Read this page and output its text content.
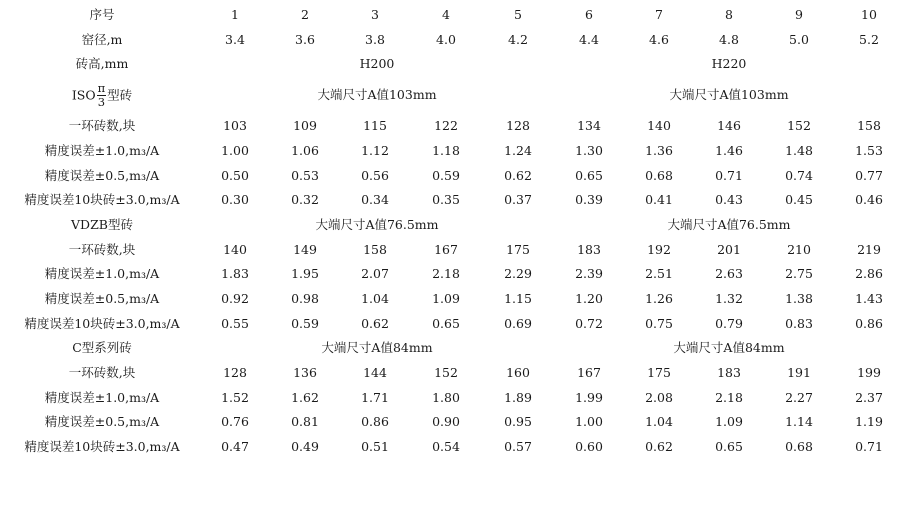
序号	1	2	3	4	5	6	7	8	9	10
窑径,m	3.4	3.6	3.8	4.0	4.2	4.4	4.6	4.8	5.0	5.2
砖高,mm	H200					H220				
ISO $\frac{\pi}{3}$ 型砖	大端尺寸A值103mm					大端尺寸A值103mm				
一环砖数,块	103	109	115	122	128	134	140	146	152	158
精度误差±1.0,m₃/A	1.00	1.06	1.12	1.18	1.24	1.30	1.36	1.46	1.48	1.53
精度误差±0.5,m₃/A	0.50	0.53	0.56	0.59	0.62	0.65	0.68	0.71	0.74	0.77
精度误差10块砖±3.0,m₃/A	0.30	0.32	0.34	0.35	0.37	0.39	0.41	0.43	0.45	0.46
VDZB型砖	大端尺寸A值76.5mm					大端尺寸A值76.5mm				
一环砖数,块	140	149	158	167	175	183	192	201	210	219
精度误差±1.0,m₃/A	1.83	1.95	2.07	2.18	2.29	2.39	2.51	2.63	2.75	2.86
精度误差±0.5,m₃/A	0.92	0.98	1.04	1.09	1.15	1.20	1.26	1.32	1.38	1.43
精度误差10块砖±3.0,m₃/A	0.55	0.59	0.62	0.65	0.69	0.72	0.75	0.79	0.83	0.86
C型系列砖	大端尺寸A值84mm					大端尺寸A值84mm				
一环砖数,块	128	136	144	152	160	167	175	183	191	199
精度误差±1.0,m₃/A	1.52	1.62	1.71	1.80	1.89	1.99	2.08	2.18	2.27	2.37
精度误差±0.5,m₃/A	0.76	0.81	0.86	0.90	0.95	1.00	1.04	1.09	1.14	1.19
精度误差10块砖±3.0,m₃/A	0.47	0.49	0.51	0.54	0.57	0.60	0.62	0.65	0.68	0.71
